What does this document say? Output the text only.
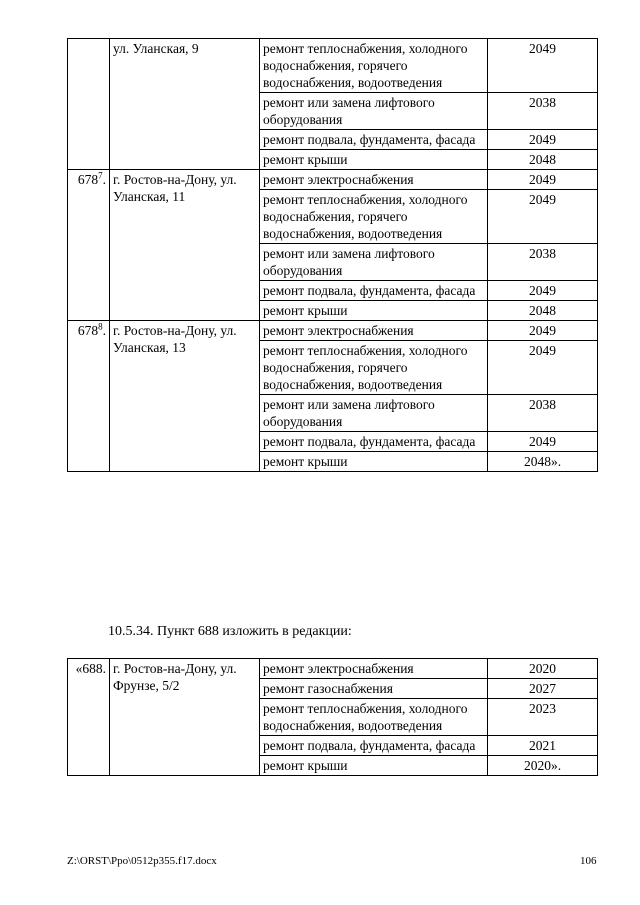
	ул. Уланская, 9	ремонт теплоснабжения, холодного водоснабжения, горячего водоснабжения, водоотведения	2049
		ремонт или замена лифтового оборудования	2038
		ремонт подвала, фундамента, фасада	2049
		ремонт крыши	2048
$678^7$.	г. Ростов-на-Дону, ул. Уланская, 11	ремонт электроснабжения	2049
		ремонт теплоснабжения, холодного водоснабжения, горячего водоснабжения, водоотведения	2049
		ремонт или замена лифтового оборудования	2038
		ремонт подвала, фундамента, фасада	2049
		ремонт крыши	2048
$678^8$.	г. Ростов-на-Дону, ул. Уланская, 13	ремонт электроснабжения	2049
		ремонт теплоснабжения, холодного водоснабжения, горячего водоснабжения, водоотведения	2049
		ремонт или замена лифтового оборудования	2038
		ремонт подвала, фундамента, фасада	2049
		ремонт крыши	2048».
10.5.34. Пункт 688 изложить в редакции:
«688.	г. Ростов-на-Дону, ул. Фрунзе, 5/2	ремонт электроснабжения	2020
		ремонт газоснабжения	2027
		ремонт теплоснабжения, холодного водоснабжения, водоотведения	2023
		ремонт подвала, фундамента, фасада	2021
		ремонт крыши	2020».
Z:\ORST\Ppo\0512p355.f17.docx	106
